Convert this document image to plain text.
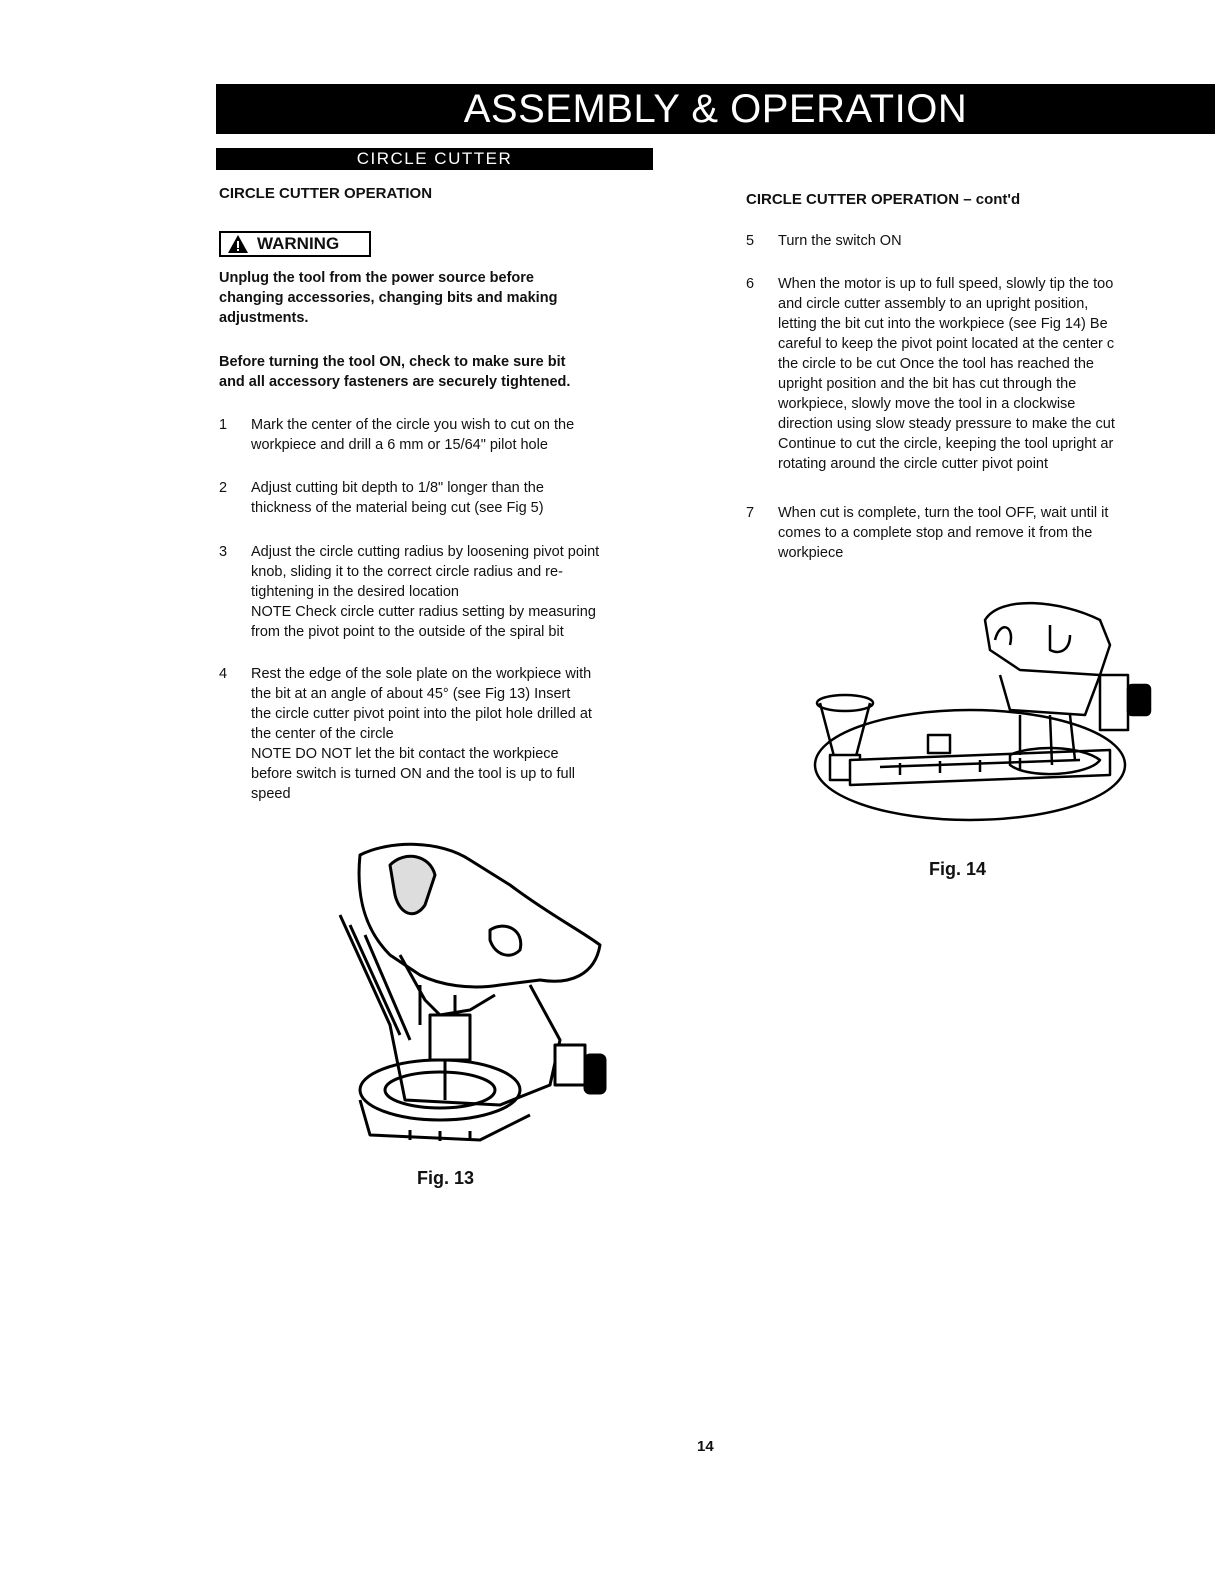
ASSEMBLY & OPERATION
CIRCLE CUTTER
CIRCLE CUTTER OPERATION
WARNING
Unplug the tool from the power source before
changing accessories, changing bits and making
adjustments.
Before turning the tool ON, check to make sure bit
and all accessory fasteners are securely tightened.
1 Mark the center of the circle you wish to cut on the
workpiece and drill a 6 mm or 15/64" pilot hole
2 Adjust cutting bit depth to 1/8" longer than the
thickness of the material being cut (see Fig 5)
3 Adjust the circle cutting radius by loosening pivot point
knob, sliding it to the correct circle radius and re-
tightening in the desired location
NOTE Check circle cutter radius setting by measuring
from the pivot point to the outside of the spiral bit
4 Rest the edge of the sole plate on the workpiece with
the bit at an angle of about 45° (see Fig 13) Insert
the circle cutter pivot point into the pilot hole drilled at
the center of the circle
NOTE DO NOT let the bit contact the workpiece
before switch is turned ON and the tool is up to full
speed
Fig. 13
CIRCLE CUTTER OPERATION – cont'd
5 Turn the switch ON
6 When the motor is up to full speed, slowly tip the too
and circle cutter assembly to an upright position,
letting the bit cut into the workpiece (see Fig 14) Be
careful to keep the pivot point located at the center c
the circle to be cut Once the tool has reached the
upright position and the bit has cut through the
workpiece, slowly move the tool in a clockwise
direction using slow steady pressure to make the cut
Continue to cut the circle, keeping the tool upright ar
rotating around the circle cutter pivot point
7 When cut is complete, turn the tool OFF, wait until it
comes to a complete stop and remove it from the
workpiece
Fig. 14
14
